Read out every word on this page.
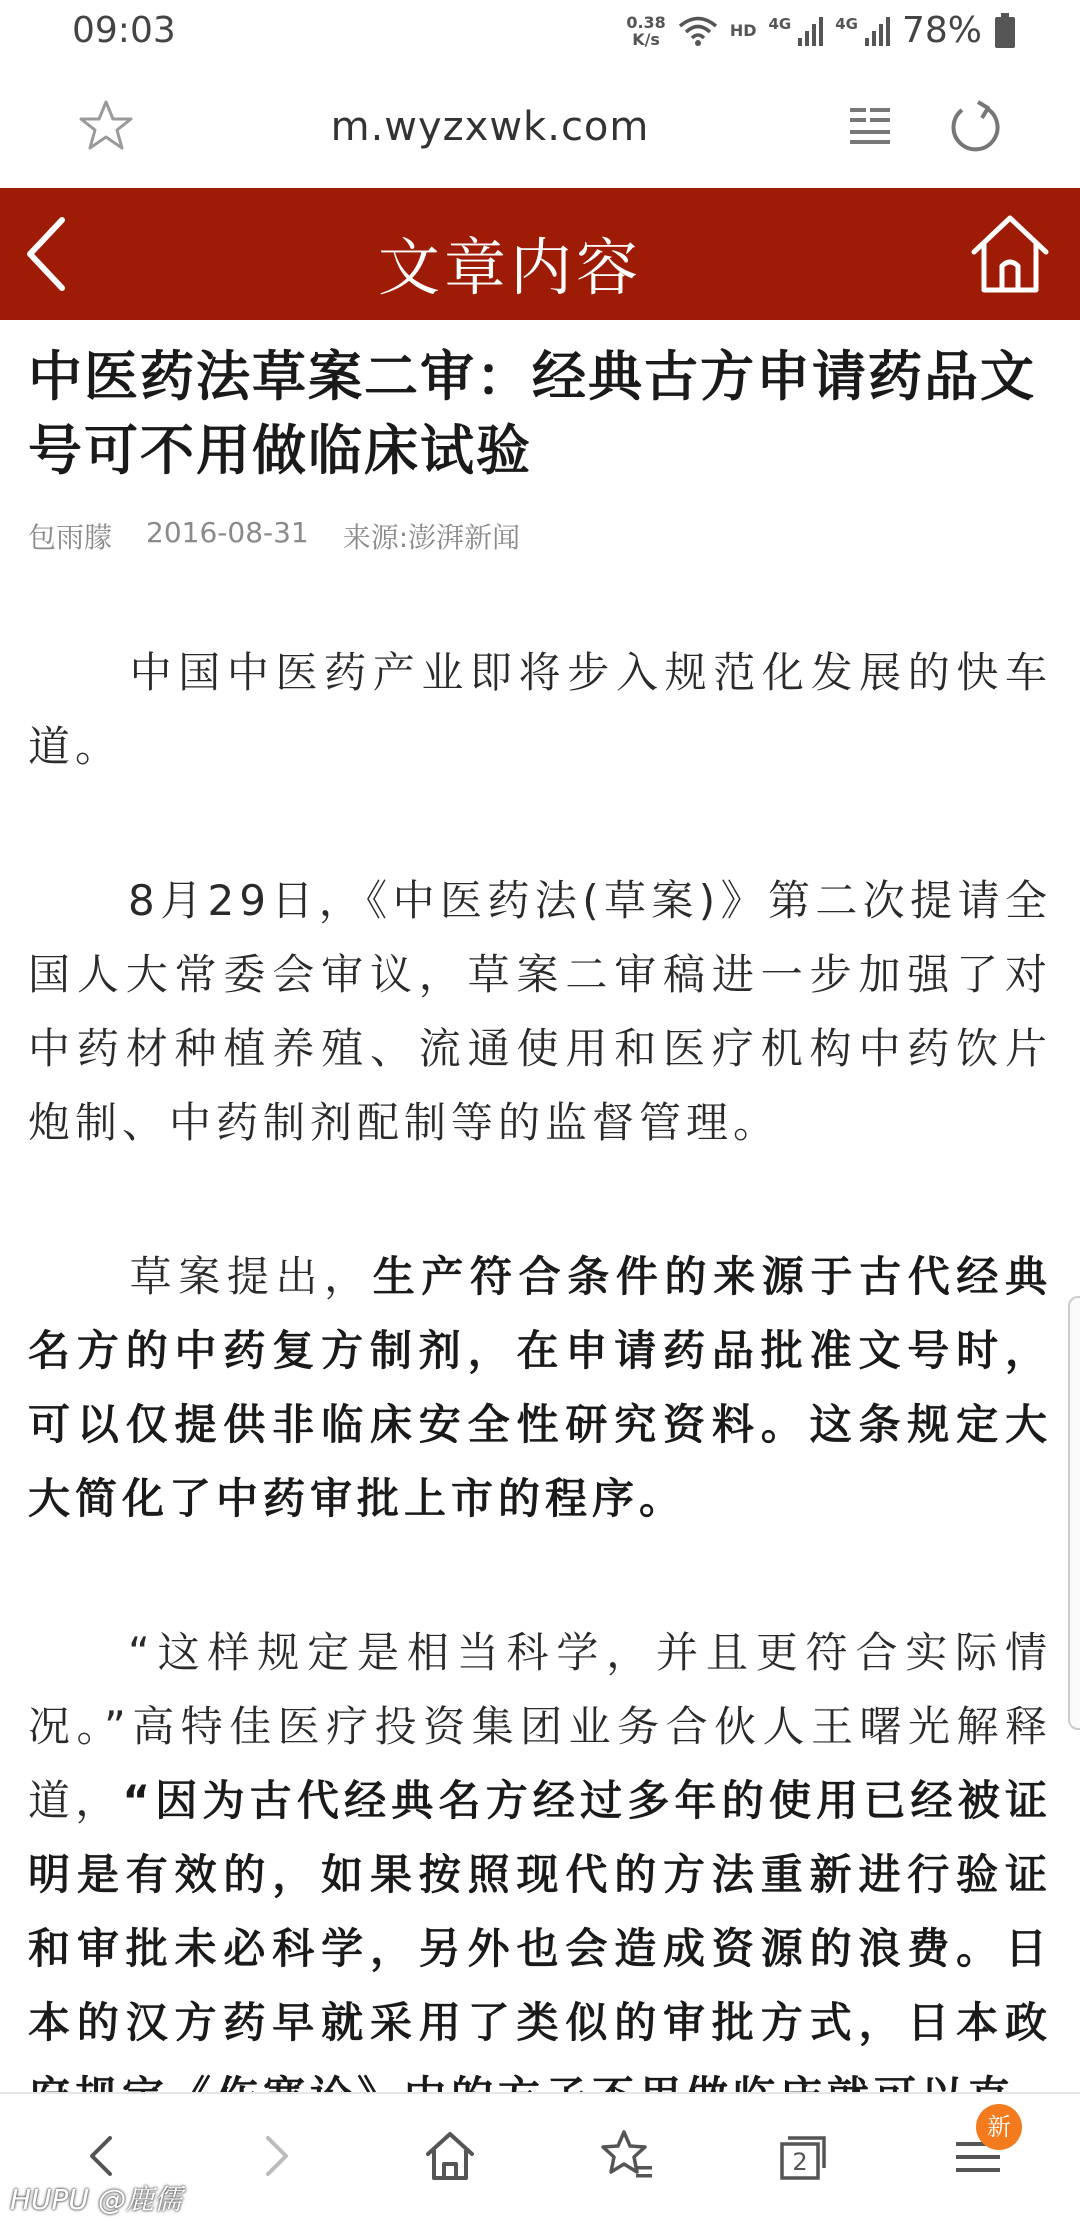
09:03	0.38
K/s	HD 4G	4G 78%
m.wyzxwk.com
文章内容
中医药法草案二审：经典古方申请药品文号可不用做临床试验
包雨朦 2016-08-31 来源:澎湃新闻

中国中医药产业即将步入规范化发展的快车道。

8月29日，《中医药法(草案)》第二次提请全国人大常委会审议，草案二审稿进一步加强了对中药材种植养殖、流通使用和医疗机构中药饮片炮制、中药制剂配制等的监督管理。

草案提出，生产符合条件的来源于古代经典名方的中药复方制剂，在申请药品批准文号时，可以仅提供非临床安全性研究资料。这条规定大大简化了中药审批上市的程序。

“这样规定是相当科学，并且更符合实际情况。”高特佳医疗投资集团业务合伙人王曙光解释道，“因为古代经典名方经过多年的使用已经被证明是有效的，如果按照现代的方法重新进行验证和审批未必科学，另外也会造成资源的浪费。日本的汉方药早就采用了类似的审批方式，日本政

2
新
HUPU @鹿儒
